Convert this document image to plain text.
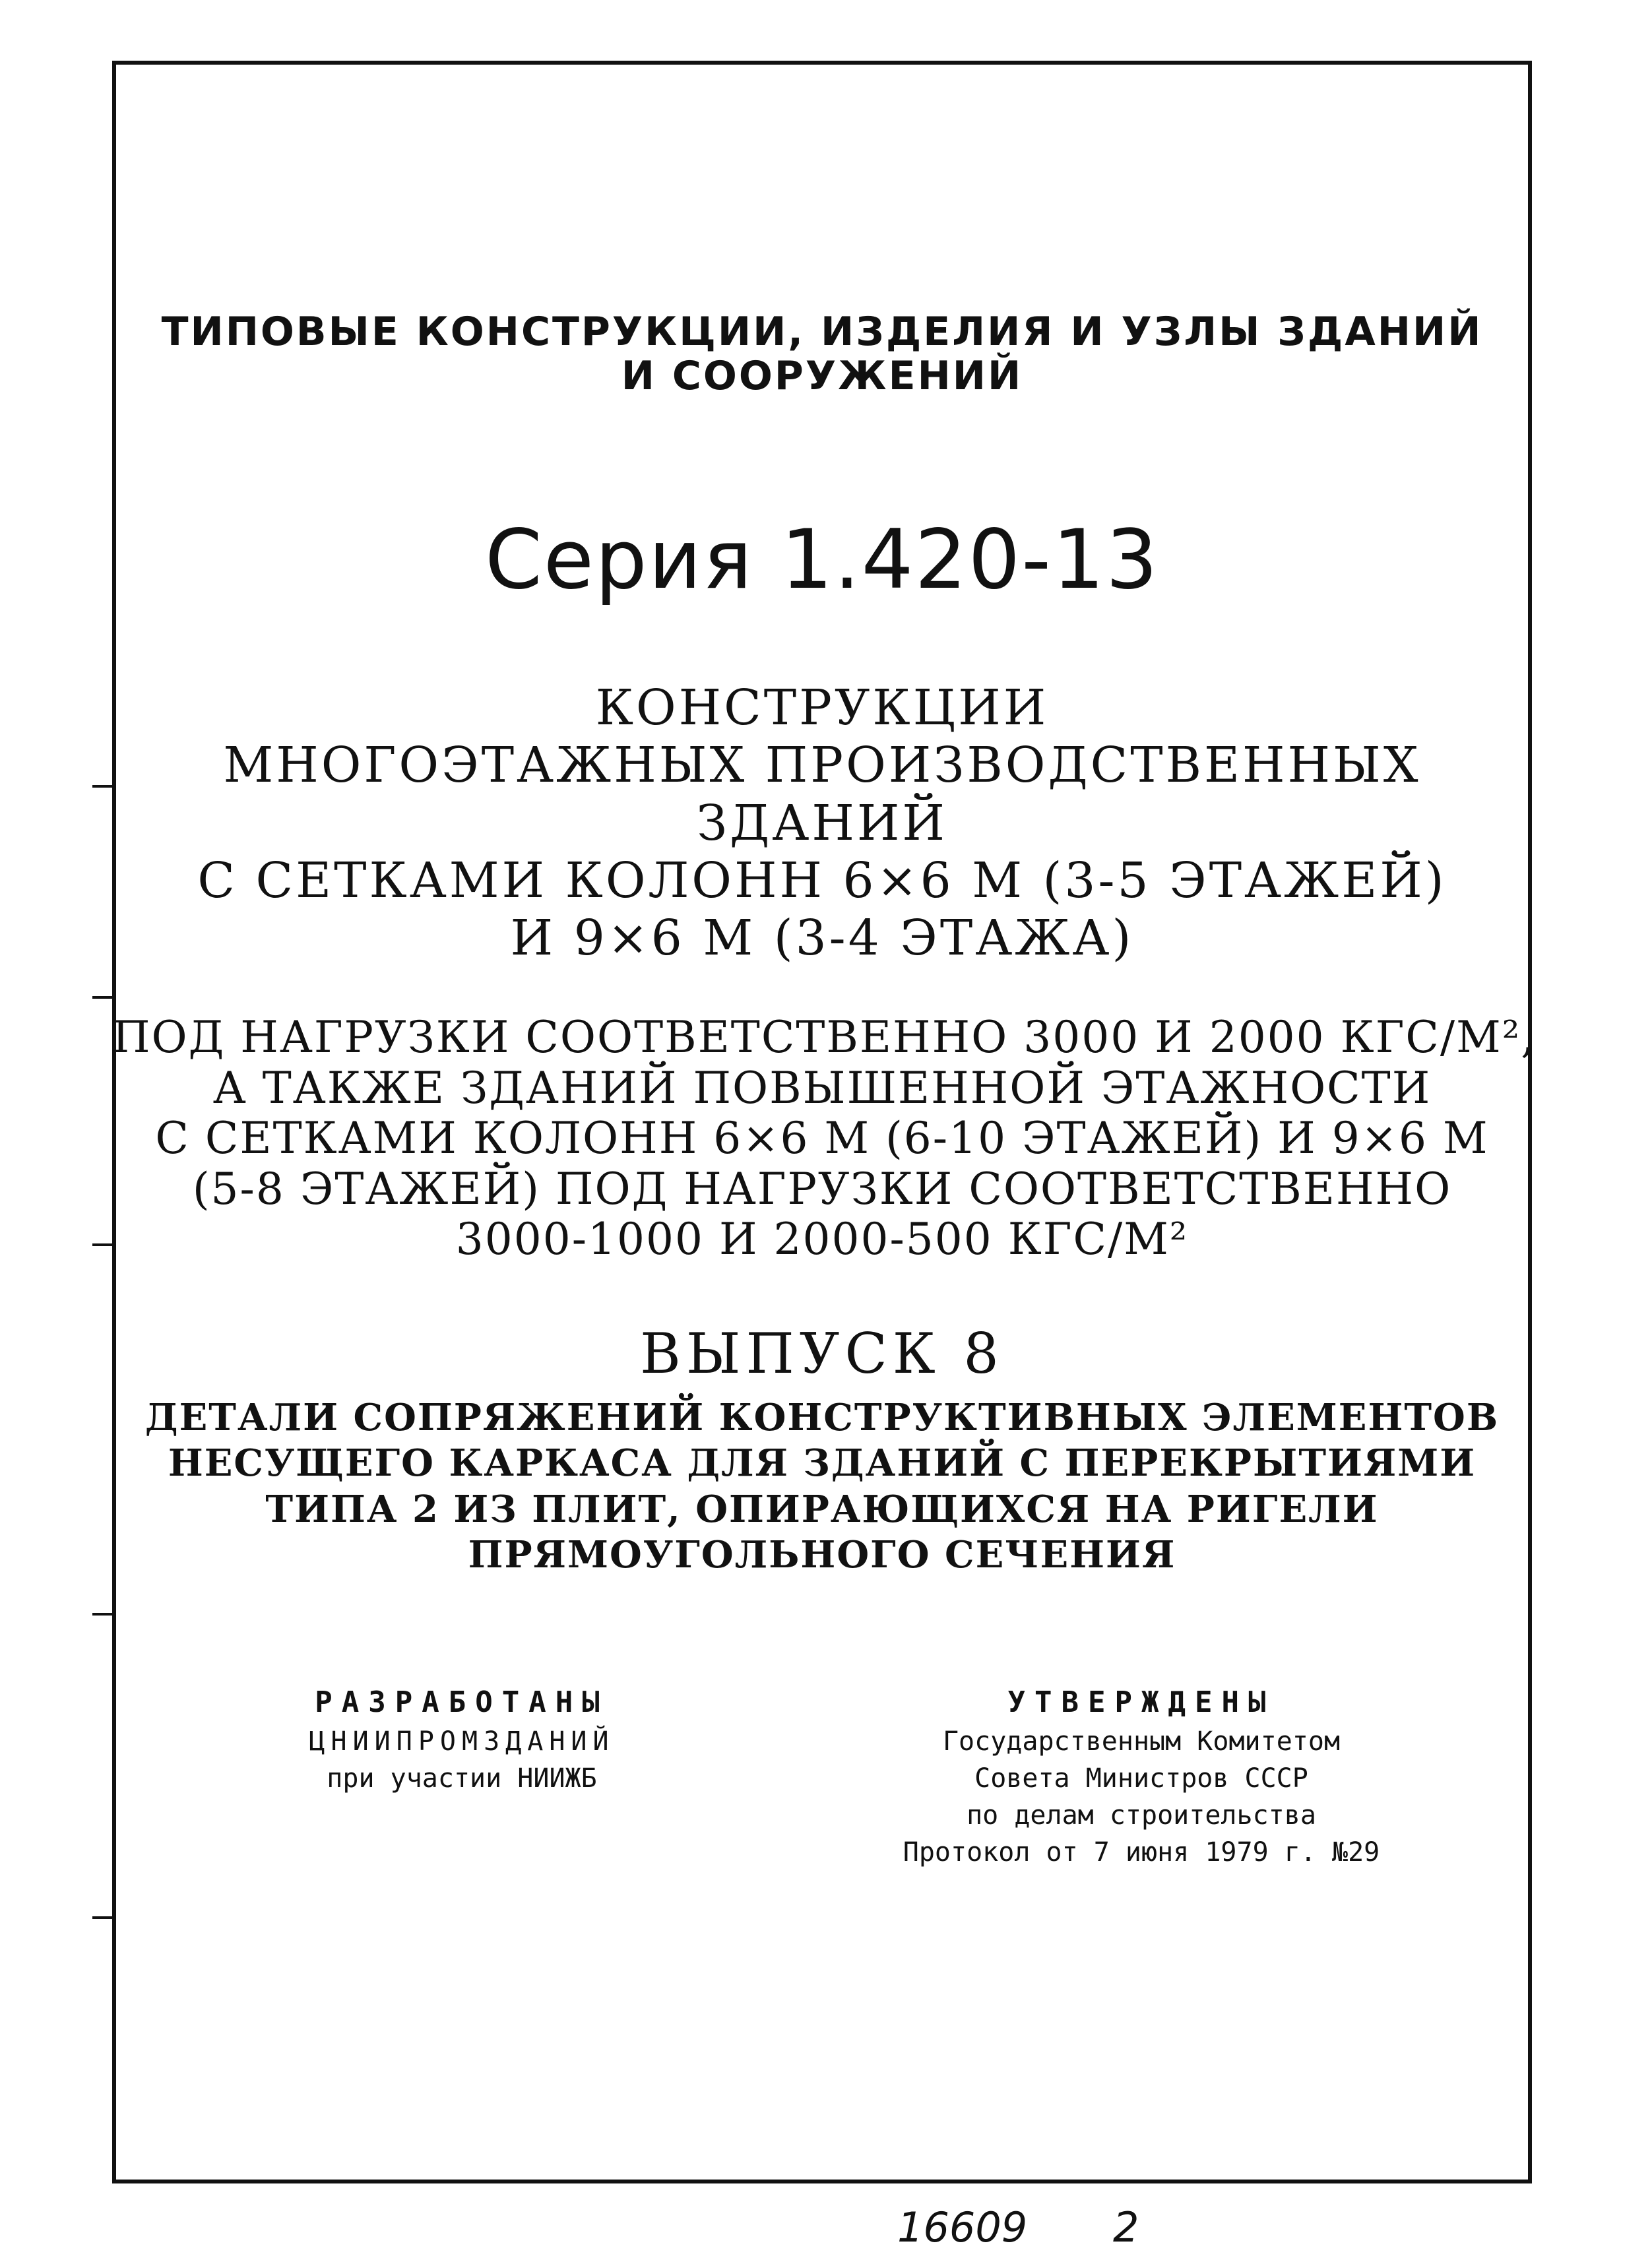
ТИПОВЫЕ КОНСТРУКЦИИ, ИЗДЕЛИЯ И УЗЛЫ ЗДАНИЙ
И СООРУЖЕНИЙ
Серия 1.420-13
КОНСТРУКЦИИ
МНОГОЭТАЖНЫХ ПРОИЗВОДСТВЕННЫХ
ЗДАНИЙ
С СЕТКАМИ КОЛОНН 6×6 М (3-5 ЭТАЖЕЙ)
И 9×6 М (3-4 ЭТАЖА)
ПОД НАГРУЗКИ СООТВЕТСТВЕННО 3000 И 2000 КГС/М²,
А ТАКЖЕ ЗДАНИЙ ПОВЫШЕННОЙ ЭТАЖНОСТИ
С СЕТКАМИ КОЛОНН 6×6 М (6-10 ЭТАЖЕЙ) И 9×6 М
(5-8 ЭТАЖЕЙ) ПОД НАГРУЗКИ СООТВЕТСТВЕННО
3000-1000 И 2000-500 КГС/М²
ВЫПУСК 8
ДЕТАЛИ СОПРЯЖЕНИЙ КОНСТРУКТИВНЫХ ЭЛЕМЕНТОВ
НЕСУЩЕГО КАРКАСА ДЛЯ ЗДАНИЙ С ПЕРЕКРЫТИЯМИ
ТИПА 2 ИЗ ПЛИТ, ОПИРАЮЩИХСЯ НА РИГЕЛИ
ПРЯМОУГОЛЬНОГО СЕЧЕНИЯ
РАЗРАБОТАНЫ
ЦНИИПРОМЗДАНИЙ
при участии НИИЖБ
УТВЕРЖДЕНЫ
Государственным Комитетом
Совета Министров СССР
по делам строительства
Протокол от 7 июня 1979 г. №29
16609 2
